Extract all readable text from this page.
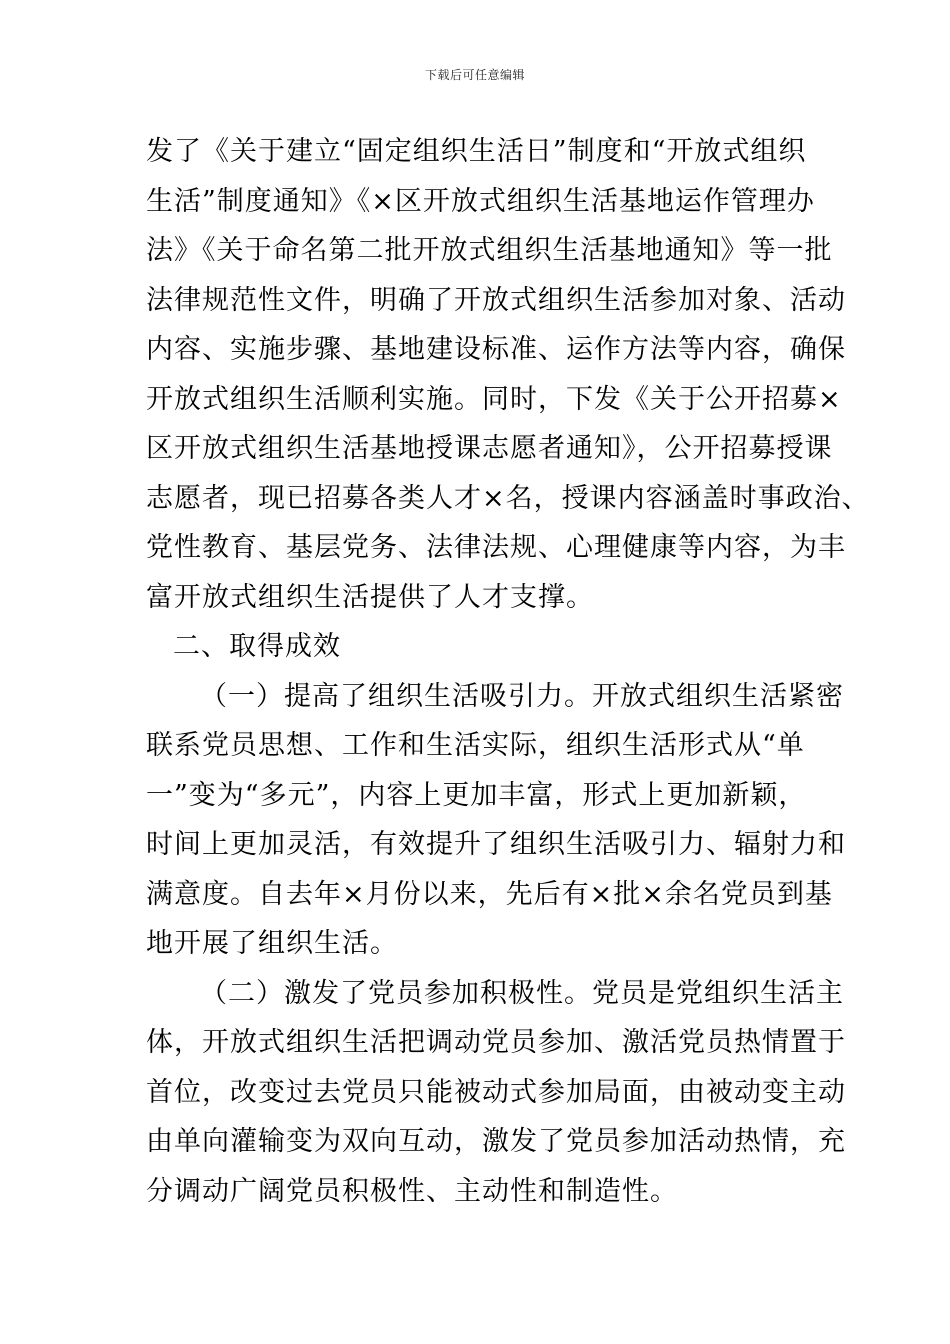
下载后可任意编辑

发了《关于建立“固定组织生活日”制度和“开放式组织
生活”制度通知》《×区开放式组织生活基地运作管理办
法》《关于命名第二批开放式组织生活基地通知》等一批
法律规范性文件，明确了开放式组织生活参加对象、活动
内容、实施步骤、基地建设标准、运作方法等内容，确保
开放式组织生活顺利实施。同时，下发《关于公开招募×
区开放式组织生活基地授课志愿者通知》，公开招募授课
志愿者，现已招募各类人才×名，授课内容涵盖时事政治、
党性教育、基层党务、法律法规、心理健康等内容，为丰
富开放式组织生活提供了人才支撑。

二、取得成效

（一）提高了组织生活吸引力。开放式组织生活紧密
联系党员思想、工作和生活实际，组织生活形式从“单
一”变为“多元”，内容上更加丰富，形式上更加新颖，
时间上更加灵活，有效提升了组织生活吸引力、辐射力和
满意度。自去年×月份以来，先后有×批×余名党员到基
地开展了组织生活。

（二）激发了党员参加积极性。党员是党组织生活主
体，开放式组织生活把调动党员参加、激活党员热情置于
首位，改变过去党员只能被动式参加局面，由被动变主动
由单向灌输变为双向互动，激发了党员参加活动热情，充
分调动广阔党员积极性、主动性和制造性。
